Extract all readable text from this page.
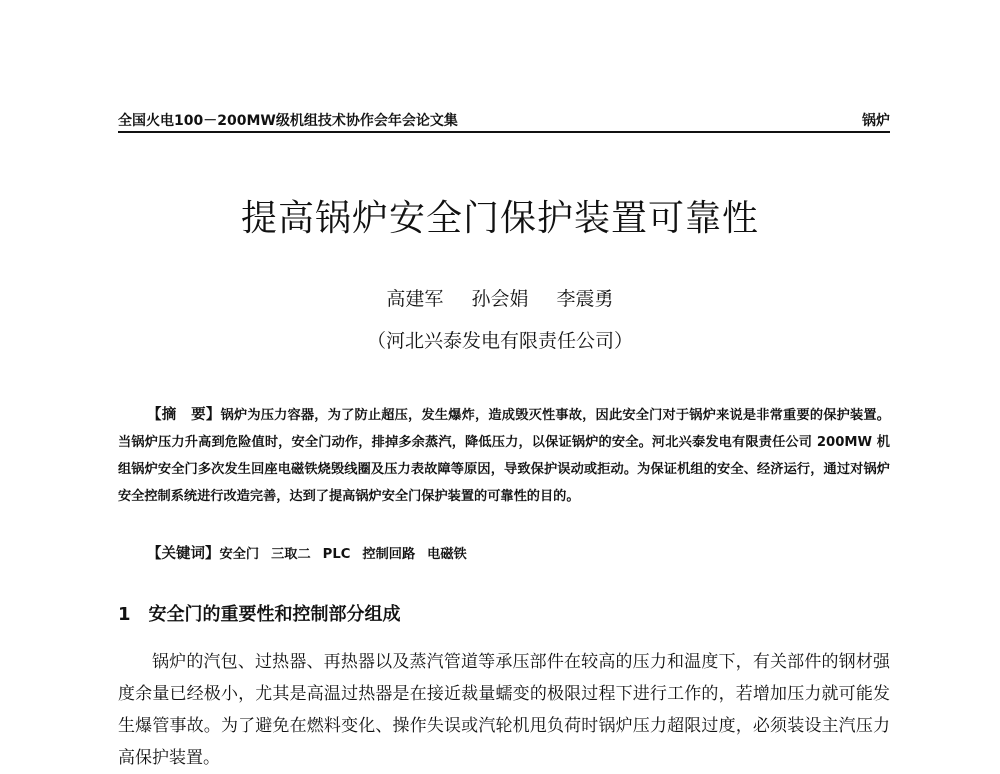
全国火电100－200MW级机组技术协作会年会论文集	锅炉
提高锅炉安全门保护装置可靠性
高建军 孙会娟 李震勇
（河北兴泰发电有限责任公司）
【摘　要】锅炉为压力容器，为了防止超压，发生爆炸，造成毁灭性事故，因此安全门对于锅炉来说是非常重要的保护装置。当锅炉压力升高到危险值时，安全门动作，排掉多余蒸汽，降低压力，以保证锅炉的安全。河北兴泰发电有限责任公司 200MW 机组锅炉安全门多次发生回座电磁铁烧毁线圈及压力表故障等原因，导致保护误动或拒动。为保证机组的安全、经济运行，通过对锅炉安全控制系统进行改造完善，达到了提高锅炉安全门保护装置的可靠性的目的。
【关键词】安全门 三取二 PLC 控制回路 电磁铁
1 安全门的重要性和控制部分组成
锅炉的汽包、过热器、再热器以及蒸汽管道等承压部件在较高的压力和温度下，有关部件的钢材强度余量已经极小，尤其是高温过热器是在接近裁量蠕变的极限过程下进行工作的，若增加压力就可能发生爆管事故。为了避免在燃料变化、操作失误或汽轮机甩负荷时锅炉压力超限过度，必须装设主汽压力高保护装置。
